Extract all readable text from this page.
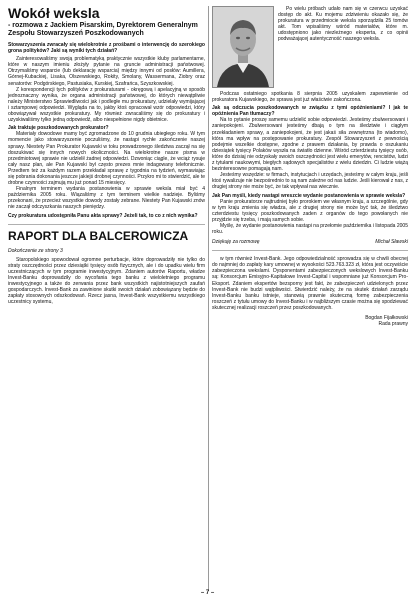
Wokół weksla
- rozmowa z Jackiem Pisarskim, Dyrektorem Generalnym Zespołu Stowarzyszeń Poszkodowanych

Stowarzyszenia zwracały się wielokrotnie z prośbami o interwencję do szerokiego grona polityków? Jaki są wyniki tych działań?

Zainteresowaliśmy swoją problematyką praktycznie wszystkie kluby parlamentarne, które w naszym imieniu złożyły pytanie na gruncie administracji państwowej. Otrzymaliśmy wsparcie (lub deklarację wsparcia) między innymi od posłów: Aumillera, Górnej-Kubackiej, Lisaka, Olszewskiego, Rokity, Smolany, Wassermana, Ziobry oraz senatorów: Podgórskiego, Pastusiaka, Kurskiej, Szafrańca, Szyszkowskiej.

Z korespondencji tych polityków z prokuraturami - okręgową i apelacyjną w sposób jednoznaczny wynika, że organa administracji państwowej, do których niewątpliwie należy Ministerstwo Sprawiedliwości jak i podległe mu prokuratury, udzielały wymijającej i sztampowej odpowiedzi. Wygląda na to, jakby ktoś opracował wzór odpowiedzi, który obowiązywał wszystkie prokuratury. My również zwracaliśmy się do prokuratury i uzyskiwaliśmy tylko jedną odpowiedź, albo niespełnione nigdy obietnice.

Jak traktuje poszkodowanych prokurator?

Materiały dowodowe mamy być zgromadzone do 10 grudnia ubiegłego roku. W tym momencie jako stowarzyszenie poczuliśmy, że nastąpi rychłe zakończenie naszej sprawy. Niestety Pan Prokurator Kujawski w toku prowadzonego śledztwa zaczął na się doszukiwać się innych nowych okoliczności. Na wielokrotne nasze pisma w przedmiotowej sprawie nie udzielił żadnej odpowiedzi. Dzwoniąc ciągle, że wciąż rysuje cały nasz plan, ale Pan Kujawski był często prezes mnie indagowany telefonicznie. Przedtem też za każdym razem przekładał sprawę z tygodnia na tydzień, wymawiając się pobrania dokonania jeszcze jakiejś drobnej czynności. Przykro mi to stwierdzić, ale te drobne czynności zajmują mu już ponad 15 miesięcy.

Finalnym terminem wydania postanowienia w sprawie weksla miał być 4 października 2005 roku. Wiązaliśmy z tym terminem wielkie nadzieje. Byliśmy przekonani, że przecież wszystkie dowody zostały zebrane. Niestety Pan Kujawski znów nie zaczął odczyszkania naszych pieniędzy.

Czy prokuratura udostępniła Panu akta sprawy? Jeżeli tak, to co z nich wynika?

RAPORT DLA BALCEROWICZA
Dokończenie ze strony 3

Staropolskiego spowodował ogromne perturbacje, które doprowadziły nie tylko do straty oszczędności przez dziesiątki tysięcy osób fizycznych, ale i do upadku wielu firm uczestniczących w tym programie inwestycyjnym. Zdaniem autorów Raportu, władze Invest-Banku doprowadziły do wycofania tego banku z wieloletniego programu inwestycyjnego a także do zerwania przez bank wszystkich najistotniejszych zaufań gospodarczych. Invest-Bank za zawinione skutki swoich działań zobowiązany będzie do zapłaty stosownych odszkodowań. Rzecz jasna, Invest-Bank wszystkiemu wszystkiego uczestnicy systemu,

Po wielu próbach udało nam się w czerwcu uzyskać dostęp do akt. Ku mojemu zdziwieniu okazało się, że prokuratura w przedmiocie weksla sporządziła 25 tomów akt. Tom wpisaliśmy wśród materiałów, które m. udostępniono jako niezleżnego eksperta, z co opinii podważającej autentyczność naszego weksla.

Podczas ostatniego spotkania 8 sierpnia 2005 uzyskałem zapewnienie od prokuratora Kujawskiego, że sprawa jest już właściwie zakończona.

Jak są odczucia poszkodowanych w związku z tymi opóźnieniami? I jak te opóźnienia Pan tłumaczy?

Na to pytanie proszę samemu udzielić sobie odpowiedzi. Jesteśmy zbulwersowani i zaniepokojeni. Zbulwersowani jesteśmy dbają o tym na śledztwie i ciągłym przekładaniem sprawy, a zaniepokojeni, że jest jakaś siła zewnętrzna (to wiadomo), która ma wpływ na postępowanie prokuratury. Zespół Stowarzyszeń z pewnością podejmie wszelkie dostępne, zgodne z prawem działania, by prawda o oszukaniu dziesiątek tysięcy Polaków wyszła na światło dzienne. Wśród czterdziestu tysięcy osób, które do dzisiaj nie odzyskały swoich oszczędności jest wielu emerytów, rencistów, ludzi z tytułami naukowymi, biegłych sądowych specjalistów z wielu dziedzin. Ci ludzie wiążą bezinteresowne pomagają nam.

Jesteśmy wszędzie: w firmach, instytucjach i urzędach, jesteśmy w całym kraju, jeśli ktoś rywalizuje nie bezpośrednio to są nam zależne od nas ludzie. Jeśli kierował z nas, z drugiej strony nie może być, że tak wpływał nas wiecznie.

Jak Pan myśli, kiedy nastąpi wreszcie wydanie postanowienia w sprawie weksla?

Panie prokuratorze najtrudniej było prorokiem we własnym kraju, a szczególnie, gdy w tym kraju zmienia się władza, ale z drugiej strony nie może być tak, że śledztwo czterdziestu tysięcy poszkodowanych zaden z organów do tego powołanych nie przyjdzie się trzeba, i mają samych sobie.

Myślę, że wydanie postanowienia nastąpi na przełomie października i listopada 2005 roku.

Dziękuję za rozmowę	Michał Sławski

w tym również Invest-Bank. Jego odpowiedzialność sprowadza się w chwili obecnej do najmniej do zapłaty kary umownej w wysokości 523.763.323 zł, która jest oczywiście zabezpieczona wekslami. Dysponentami zabezpieczonych wekslowych Invest-Banku są: Konsorcjum Emisyjno-Kapitałowe Invest-Capital i wspomniane już Konsorcjum Pro-Eksport. Zdaniem ekspertów bezsporny jest fakt, że zabezpieczeń udzielonych przez Invest-Bank nie budzi wątpliwości. Stwierdzić należy, że na skutek działań zarządu Invest-Banku banku istnieje, stanowią prawnie skuteczną formę zabezpieczenia roszczeń z tytułu umowy do Invest-Banku i w najbliższym czasie można się spodziewać skutecznej realizacji roszczeń przez poszkodowanych.

Bogdan Fijałkowski
Rada prawny
– 7 –
